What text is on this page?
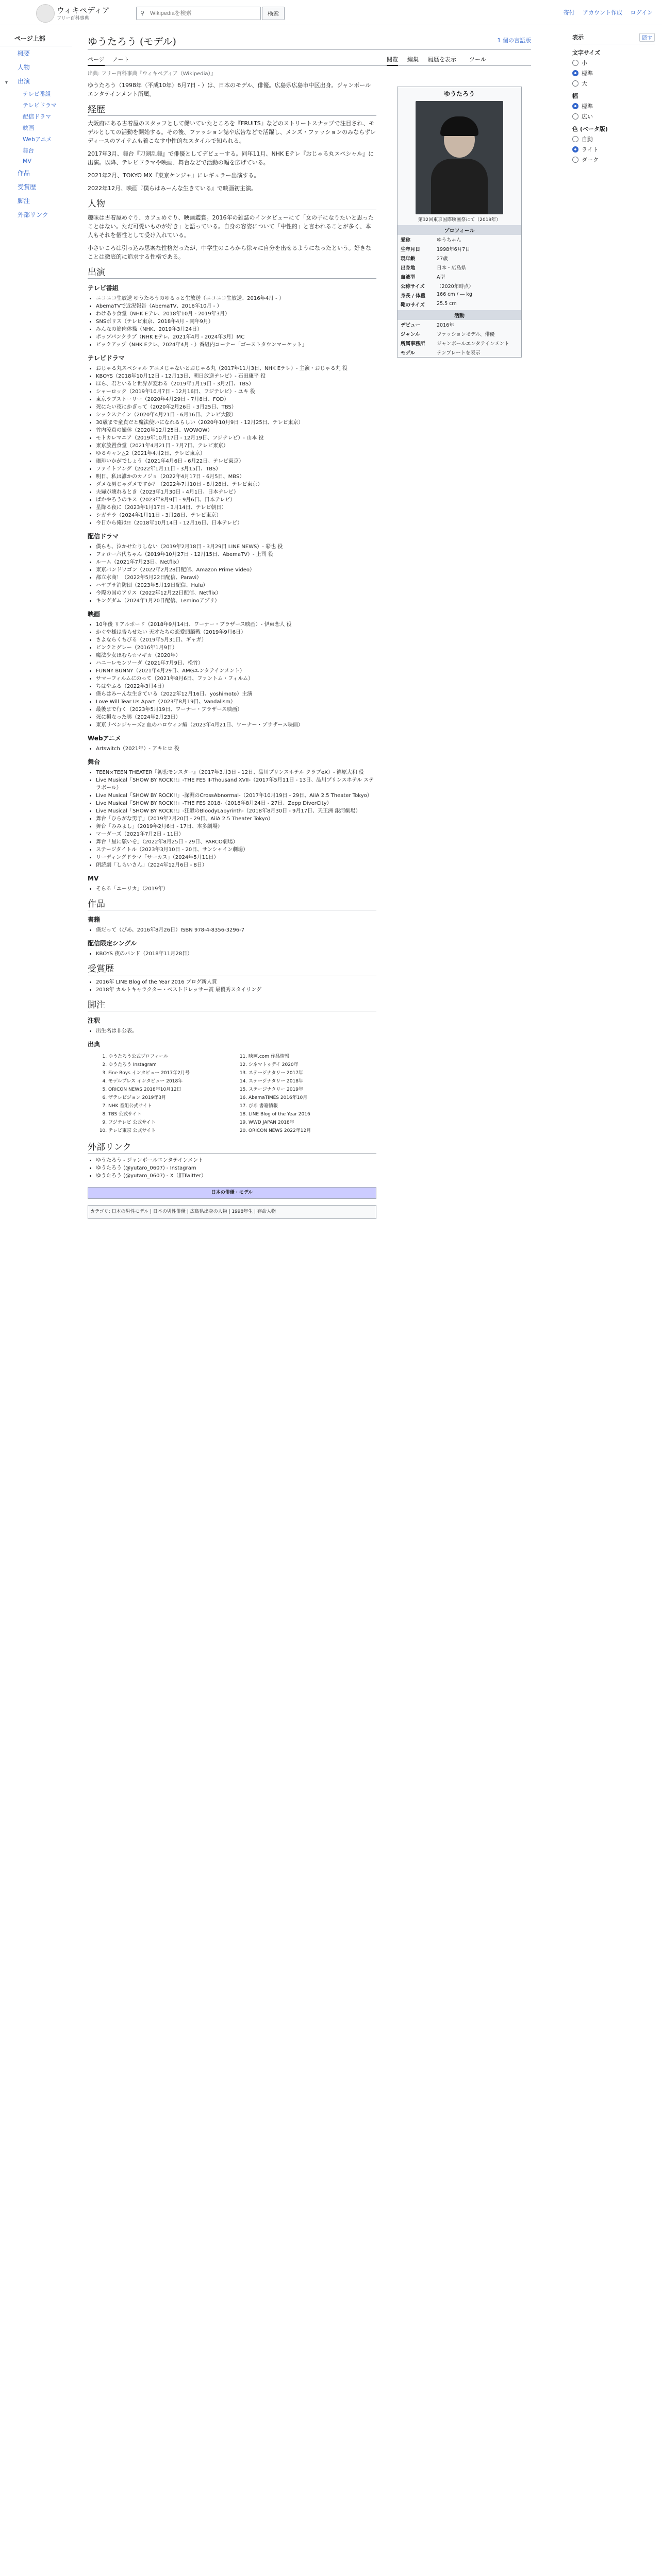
ウィキペディア
フリー百科事典
⚲
Wikipediaを検索	検索	寄付 アカウント作成 ログイン
ページ上部
概要
人物
▾ 出演
テレビ番組
テレビドラマ
配信ドラマ
映画
Webアニメ
舞台
MV
作品
受賞歴
脚注
外部リンク
ゆうたろう (モデル)	1 個の言語版
ページ ノート	閲覧 編集 履歴を表示 ツール
出典: フリー百科事典『ウィキペディア（Wikipedia）』

ゆうたろう（1998年〈平成10年〉6月7日 - ）は、日本のモデル、俳優。広島県広島市中区出身。ジャンポールエンタテインメント所属。

経歴

大阪府にある古着屋のスタッフとして働いていたところを『FRUiTS』などのストリートスナップで注目され、モデルとしての活動を開始する。その後、ファッション誌や広告などで活躍し、メンズ・ファッションのみならずレディースのアイテムも着こなす中性的なスタイルで知られる。

2017年3月、舞台『刀剣乱舞』で俳優としてデビューする。同年11月、NHK Eテレ『おじゃる丸スペシャル』に出演。以降、テレビドラマや映画、舞台などで活動の幅を広げている。

2021年2月、TOKYO MX『東京ケンジャ』にレギュラー出演する。

2022年12月、映画『僕らはみーんな生きている』で映画初主演。

人物

趣味は古着屋めぐり、カフェめぐり、映画鑑賞。2016年の雑誌のインタビューにて「女の子になりたいと思ったことはない。ただ可愛いものが好き」と語っている。自身の容姿について「中性的」と言われることが多く、本人もそれを個性として受け入れている。

小さいころは引っ込み思案な性格だったが、中学生のころから徐々に自分を出せるようになったという。好きなことは徹底的に追求する性格である。

出演
テレビ番組
• ニコニコ生放送 ゆうたろうのゆるっと生放送（ニコニコ生放送、2016年4月 - ）
• AbemaTVで近況報告（AbemaTV、2016年10月 - ）
• わけあり食堂（NHK Eテレ、2018年10月 - 2019年3月）
• SNSポリス（テレビ東京、2018年4月 - 同年9月）
• みんなの筋肉体操（NHK、2019年3月24日）
• ポップパンクラブ（NHK Eテレ、2021年4月 - 2024年3月）MC
• ピックアップ（NHK Eテレ、2024年4月 - ）番組内コーナー「ゴーストタウンマーケット」
テレビドラマ
• おじゃる丸スペシャル アニメじゃないとおじゃる丸（2017年11月3日、NHK Eテレ）- 主演・おじゃる丸 役
• KBOYS（2018年10月12日 - 12月13日、朝日放送テレビ）- 石田康平 役
• ほら、君といると世界が変わる（2019年1月19日 - 3月2日、TBS）
• シャーロック（2019年10月7日 - 12月16日、フジテレビ）- ユキ 役
• 東京ラブストーリー（2020年4月29日 - 7月8日、FOD）
• 死にたい夜にかぎって（2020年2月26日 - 3月25日、TBS）
• シックスナイン（2020年4月21日 - 6月16日、テレビ大阪）
• 30歳まで童貞だと魔法使いになれるらしい（2020年10月9日 - 12月25日、テレビ東京）
• 竹内涼真の撮休（2020年12月25日、WOWOW）
• モトカレマニア（2019年10月17日 - 12月19日、フジテレビ）- 山本 役
• 東京放置食堂（2021年4月21日 - 7月7日、テレビ東京）
• ゆるキャン△2（2021年4月2日、テレビ東京）
• 珈琲いかがでしょう（2021年4月6日 - 6月22日、テレビ東京）
• ファイトソング（2022年1月11日 - 3月15日、TBS）
• 明日、私は誰かのカノジョ（2022年4月17日 - 6月5日、MBS）
• ダメな男じゃダメですか？（2022年7月10日 - 8月28日、テレビ東京）
• 夫婦が壊れるとき（2023年1月30日 - 4月1日、日本テレビ）
• ばかやろうのキス（2023年8月9日 - 9月6日、日本テレビ）
• 星降る夜に（2023年1月17日 - 3月14日、テレビ朝日）
• シガテラ（2024年1月11日 - 3月28日、テレビ東京）
• 今日から俺は!!（2018年10月14日 - 12月16日、日本テレビ）
配信ドラマ
• 僕らも、泣かせたりしない（2019年2月18日 - 3月29日 LINE NEWS）- 彩也 役
• フォロー六代ちゃん（2019年10月27日 - 12月15日、AbemaTV）- 上司 役
• ルーム（2021年7月23日、Netflix）
• 東京バンドワゴン（2022年2月28日配信、Amazon Prime Video）
• 都立水商！（2022年5月22日配信、Paravi）
• ハヤブサ消防団（2023年5月19日配信、Hulu）
• 今際の国のアリス（2022年12月22日配信、Netflix）
• キングダム（2024年1月20日配信、Leminoアプリ）
映画
• 10年後 リアルボード（2018年9月14日、ワーナー・ブラザース映画）- 伊東恋人 役
• かぐや様は告らせたい 天才たちの恋愛頭脳戦（2019年9月6日）
• さよならくちびる（2019年5月31日、ギャガ）
• ピンクとグレー（2016年1月9日）
• 魔法少女ほむら☆マギカ（2020年）
• ハニーレモンソーダ（2021年7月9日、松竹）
• FUNNY BUNNY（2021年4月29日、AMGエンタテインメント）
• サマーフィルムにのって（2021年8月6日、ファントム・フィルム）
• ちはやふる（2022年3月4日）
• 僕らはみーんな生きている（2022年12月16日、yoshimoto）主演
• Love Will Tear Us Apart（2023年8月19日、Vandalism）
• 最後まで行く（2023年5月19日、ワーナー・ブラザース映画）
• 死に損なった男（2024年2月23日）
• 東京リベンジャーズ2 血のハロウィン編（2023年4月21日、ワーナー・ブラザース映画）
Webアニメ
• Artswitch（2021年）- アキヒロ 役
舞台
• TEEN×TEEN THEATER『初恋モンスター』（2017年3月3日 - 12日、品川プリンスホテル クラブeX）- 篠原大和 役
• Live Musical「SHOW BY ROCK!!」-THE FES II-Thousand XVII-（2017年5月11日 - 13日、品川プリンスホテル ステラボール）
• Live Musical「SHOW BY ROCK!!」-深淵のCrossAbnormal-（2017年10月19日 - 29日、AiiA 2.5 Theater Tokyo）
• Live Musical「SHOW BY ROCK!!」-THE FES 2018-（2018年8月24日 - 27日、Zepp DiverCity）
• Live Musical「SHOW BY ROCK!!」-狂騒のBloodyLabyrinth-（2018年8月30日 - 9月17日、天王洲 銀河劇場）
• 舞台「ひらがな男子」（2019年7月20日 - 29日、AiiA 2.5 Theater Tokyo）
• 舞台「みみよし」（2019年2月6日 - 17日、本多劇場）
• マーダーズ（2021年7月2日 - 11日）
• 舞台「星に願いを」（2022年8月25日 - 29日、PARCO劇場）
• ステージタイトル（2023年3月10日 - 20日、サンシャイン劇場）
• リーディングドラマ「サーカス」（2024年5月11日）
• 朗読劇「しらいさん」（2024年12月6日 - 8日）
MV
• そらる「ユーリカ」（2019年）
作品
書籍
• 僕だって（ぴあ、2016年8月26日）ISBN 978-4-8356-3296-7
配信限定シングル
• KBOYS 夜のバンド（2018年11月28日）
受賞歴
• 2016年 LINE Blog of the Year 2016 ブログ新人賞
• 2018年 カルトキャラクター・ベストドレッサー賞 最優秀スタイリング
脚注
注釈
• 出生名は非公表。
出典
1. ゆうたろう公式プロフィール
2. ゆうたろう Instagram
3. Fine Boys インタビュー 2017年2月号
4. モデルプレス インタビュー 2018年
5. ORICON NEWS 2018年10月12日
6. ザテレビジョン 2019年3月
7. NHK 番組公式サイト
8. TBS 公式サイト
9. フジテレビ 公式サイト
10. テレビ東京 公式サイト
11. 映画.com 作品情報
12. シネマトゥデイ 2020年
13. ステージナタリー 2017年
14. ステージナタリー 2018年
15. ステージナタリー 2019年
16. AbemaTIMES 2016年10月
17. ぴあ 書籍情報
18. LINE Blog of the Year 2016
19. WWD JAPAN 2018年
20. ORICON NEWS 2022年12月
外部リンク
• ゆうたろう - ジャンポールエンタテインメント
• ゆうたろう (@yutaro_0607) - Instagram
• ゆうたろう (@yutaro_0607) - X（旧Twitter）
日本の俳優・モデル
カテゴリ: 日本の男性モデル | 日本の男性俳優 | 広島県出身の人物 | 1998年生 | 存命人物
ゆうたろう
第32回東京国際映画祭にて（2019年）
プロフィール
愛称	ゆうちゃん
生年月日	1998年6月7日
現年齢	27歳
出身地	日本・広島県
血液型	A型
公称サイズ	（2020年時点）
身長 / 体重	166 cm / ― kg
靴のサイズ	25.5 cm
活動
デビュー	2016年
ジャンル	ファッションモデル、俳優
所属事務所	ジャンポールエンタテインメント
モデル	テンプレートを表示
表示	隠す
文字サイズ
小
標準
大
幅
標準
広い
色 (ベータ版)
自動
ライト
ダーク
